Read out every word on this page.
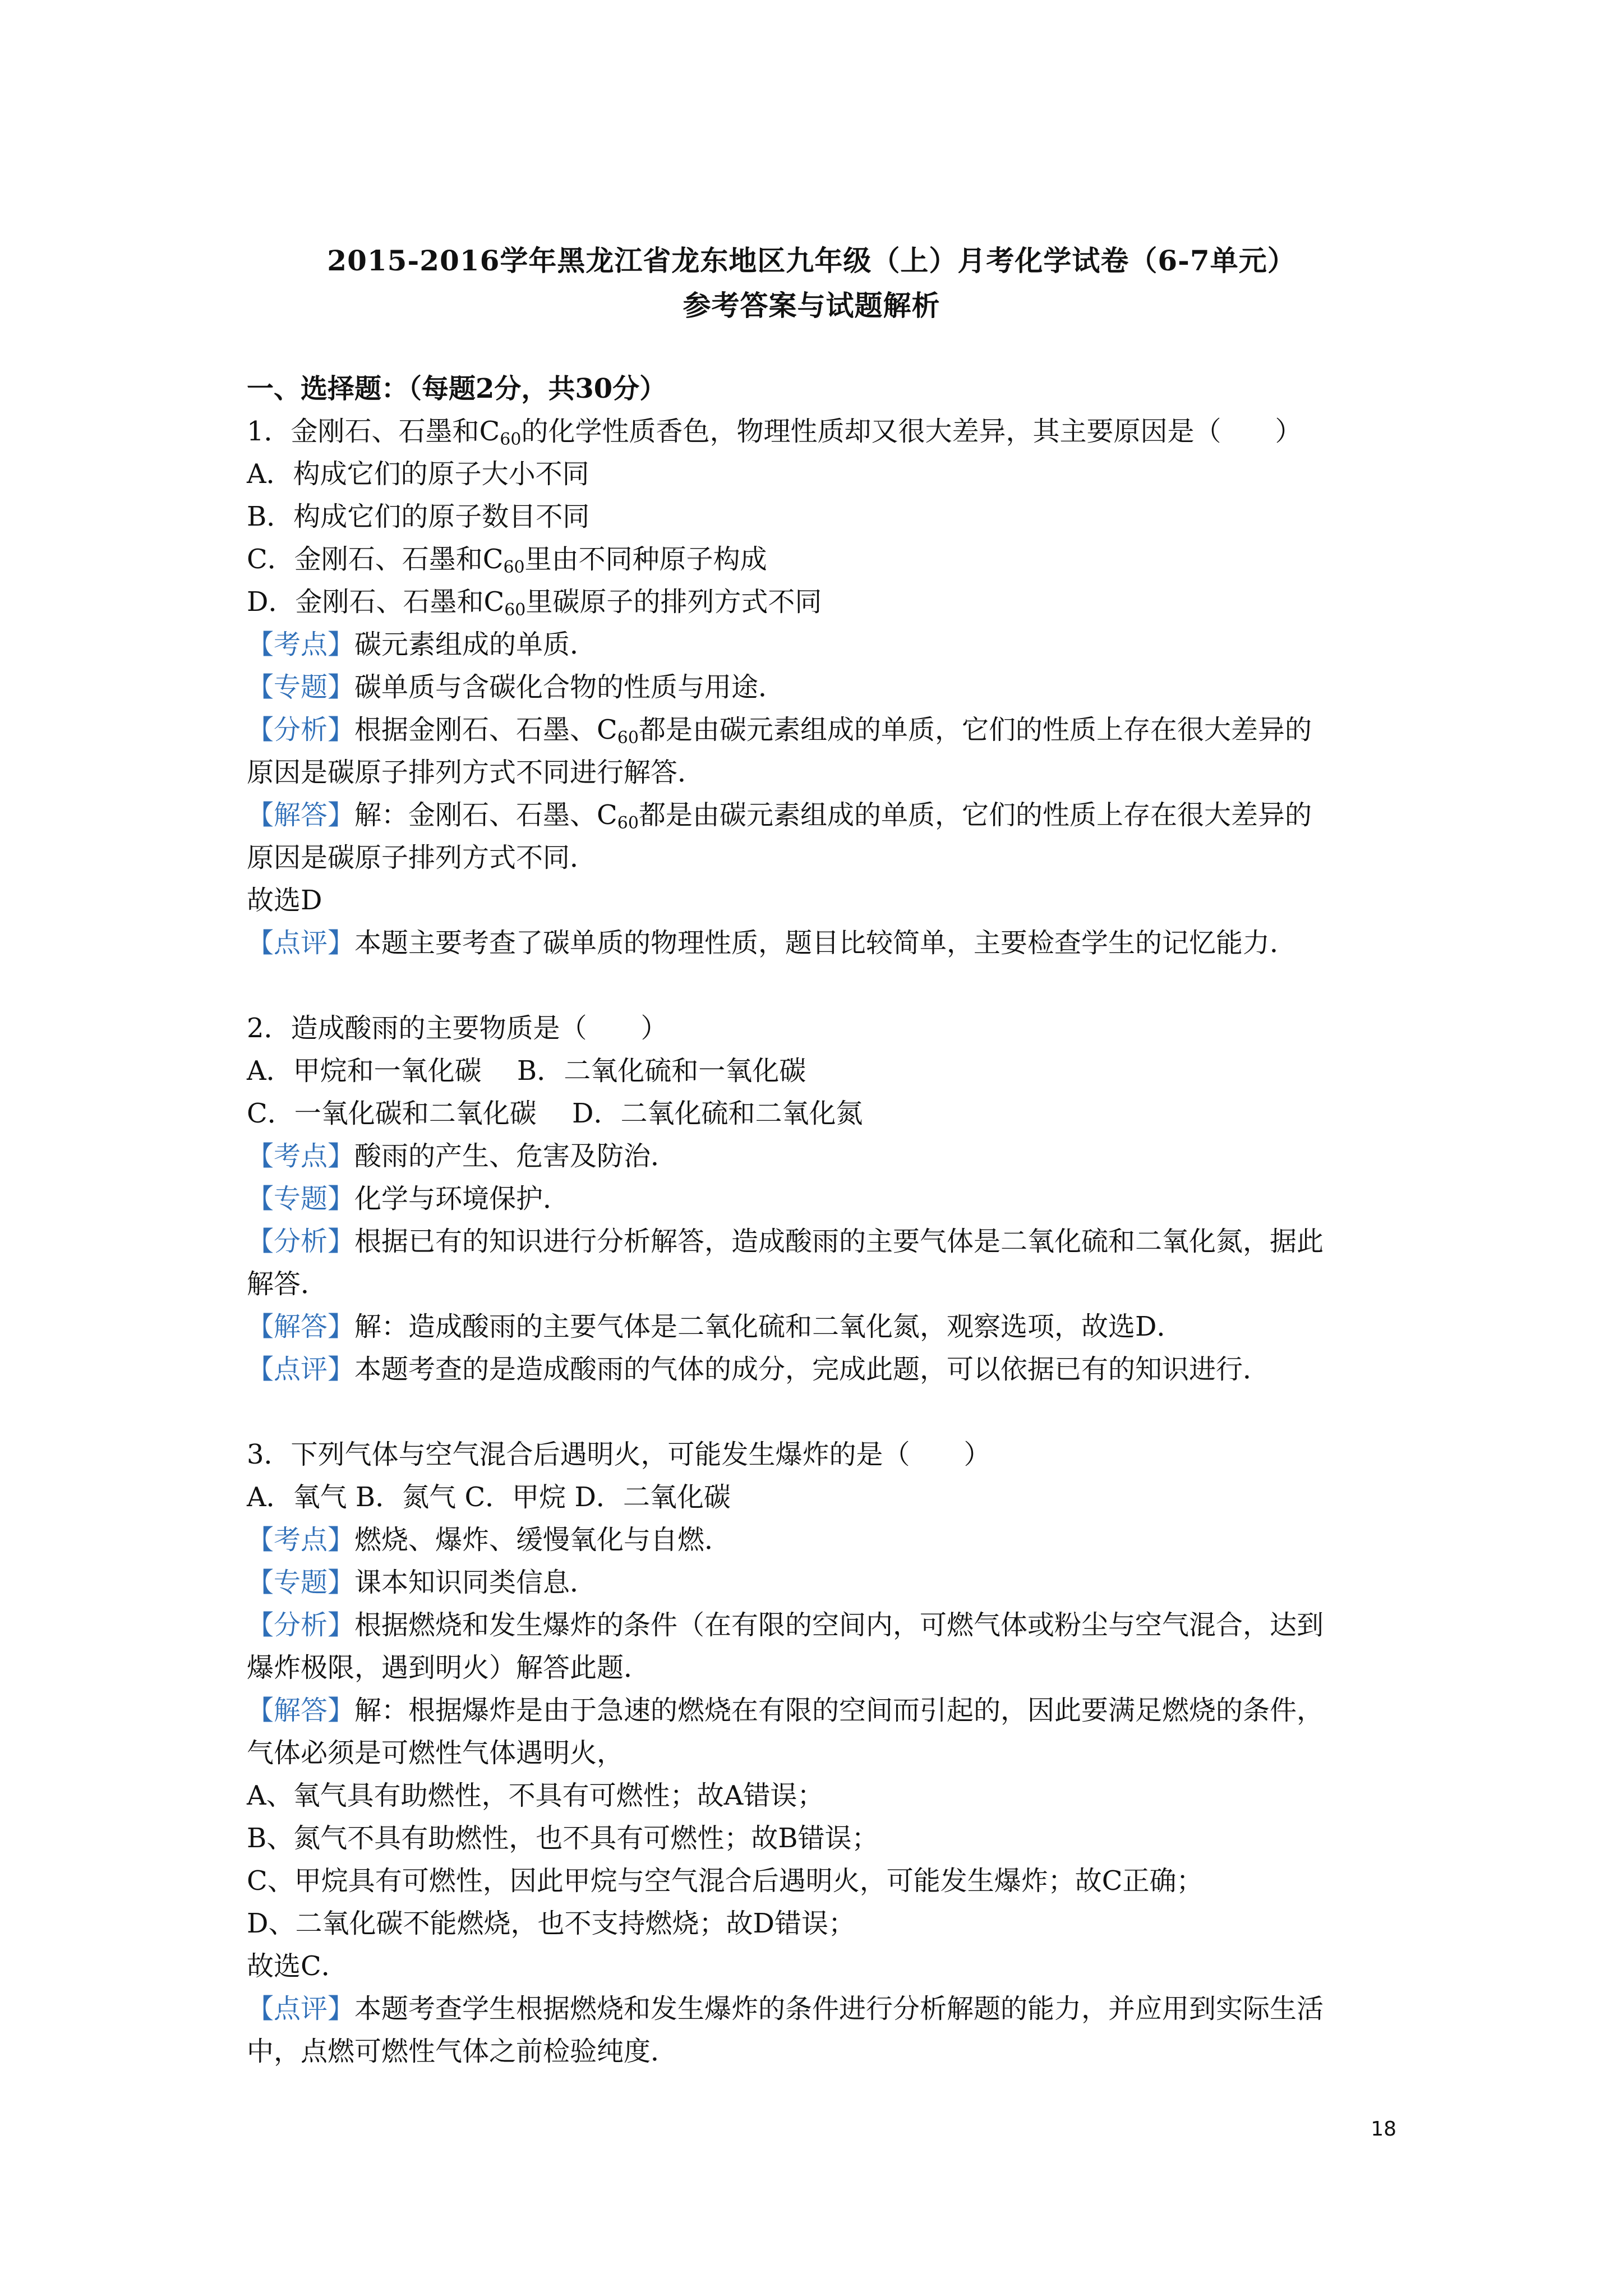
2015-2016学年黑龙江省龙东地区九年级（上）月考化学试卷（6-7单元）
参考答案与试题解析
一、选择题：（每题2分，共30分）
1．金刚石、石墨和$C_{60}$的化学性质香色，物理性质却又很大差异，其主要原因是（　　）
A．构成它们的原子大小不同
B．构成它们的原子数目不同
C．金刚石、石墨和$C_{60}$里由不同种原子构成
D．金刚石、石墨和$C_{60}$里碳原子的排列方式不同
【考点】碳元素组成的单质．
【专题】碳单质与含碳化合物的性质与用途．
【分析】根据金刚石、石墨、$C_{60}$都是由碳元素组成的单质，它们的性质上存在很大差异的
原因是碳原子排列方式不同进行解答．
【解答】解：金刚石、石墨、$C_{60}$都是由碳元素组成的单质，它们的性质上存在很大差异的
原因是碳原子排列方式不同．
故选D
【点评】本题主要考查了碳单质的物理性质，题目比较简单，主要检查学生的记忆能力．
2．造成酸雨的主要物质是（　　）
A．甲烷和一氧化碳　 B．二氧化硫和一氧化碳
C．一氧化碳和二氧化碳　 D．二氧化硫和二氧化氮
【考点】酸雨的产生、危害及防治．
【专题】化学与环境保护．
【分析】根据已有的知识进行分析解答，造成酸雨的主要气体是二氧化硫和二氧化氮，据此
解答．
【解答】解：造成酸雨的主要气体是二氧化硫和二氧化氮，观察选项，故选D．
【点评】本题考查的是造成酸雨的气体的成分，完成此题，可以依据已有的知识进行．
3．下列气体与空气混合后遇明火，可能发生爆炸的是（　　）
A．氧气 B．氮气 C．甲烷 D．二氧化碳
【考点】燃烧、爆炸、缓慢氧化与自燃．
【专题】课本知识同类信息．
【分析】根据燃烧和发生爆炸的条件（在有限的空间内，可燃气体或粉尘与空气混合，达到
爆炸极限，遇到明火）解答此题．
【解答】解：根据爆炸是由于急速的燃烧在有限的空间而引起的，因此要满足燃烧的条件，
气体必须是可燃性气体遇明火，
A、氧气具有助燃性，不具有可燃性；故A错误；
B、氮气不具有助燃性，也不具有可燃性；故B错误；
C、甲烷具有可燃性，因此甲烷与空气混合后遇明火，可能发生爆炸；故C正确；
D、二氧化碳不能燃烧，也不支持燃烧；故D错误；
故选C．
【点评】本题考查学生根据燃烧和发生爆炸的条件进行分析解题的能力，并应用到实际生活
中，点燃可燃性气体之前检验纯度．
18
